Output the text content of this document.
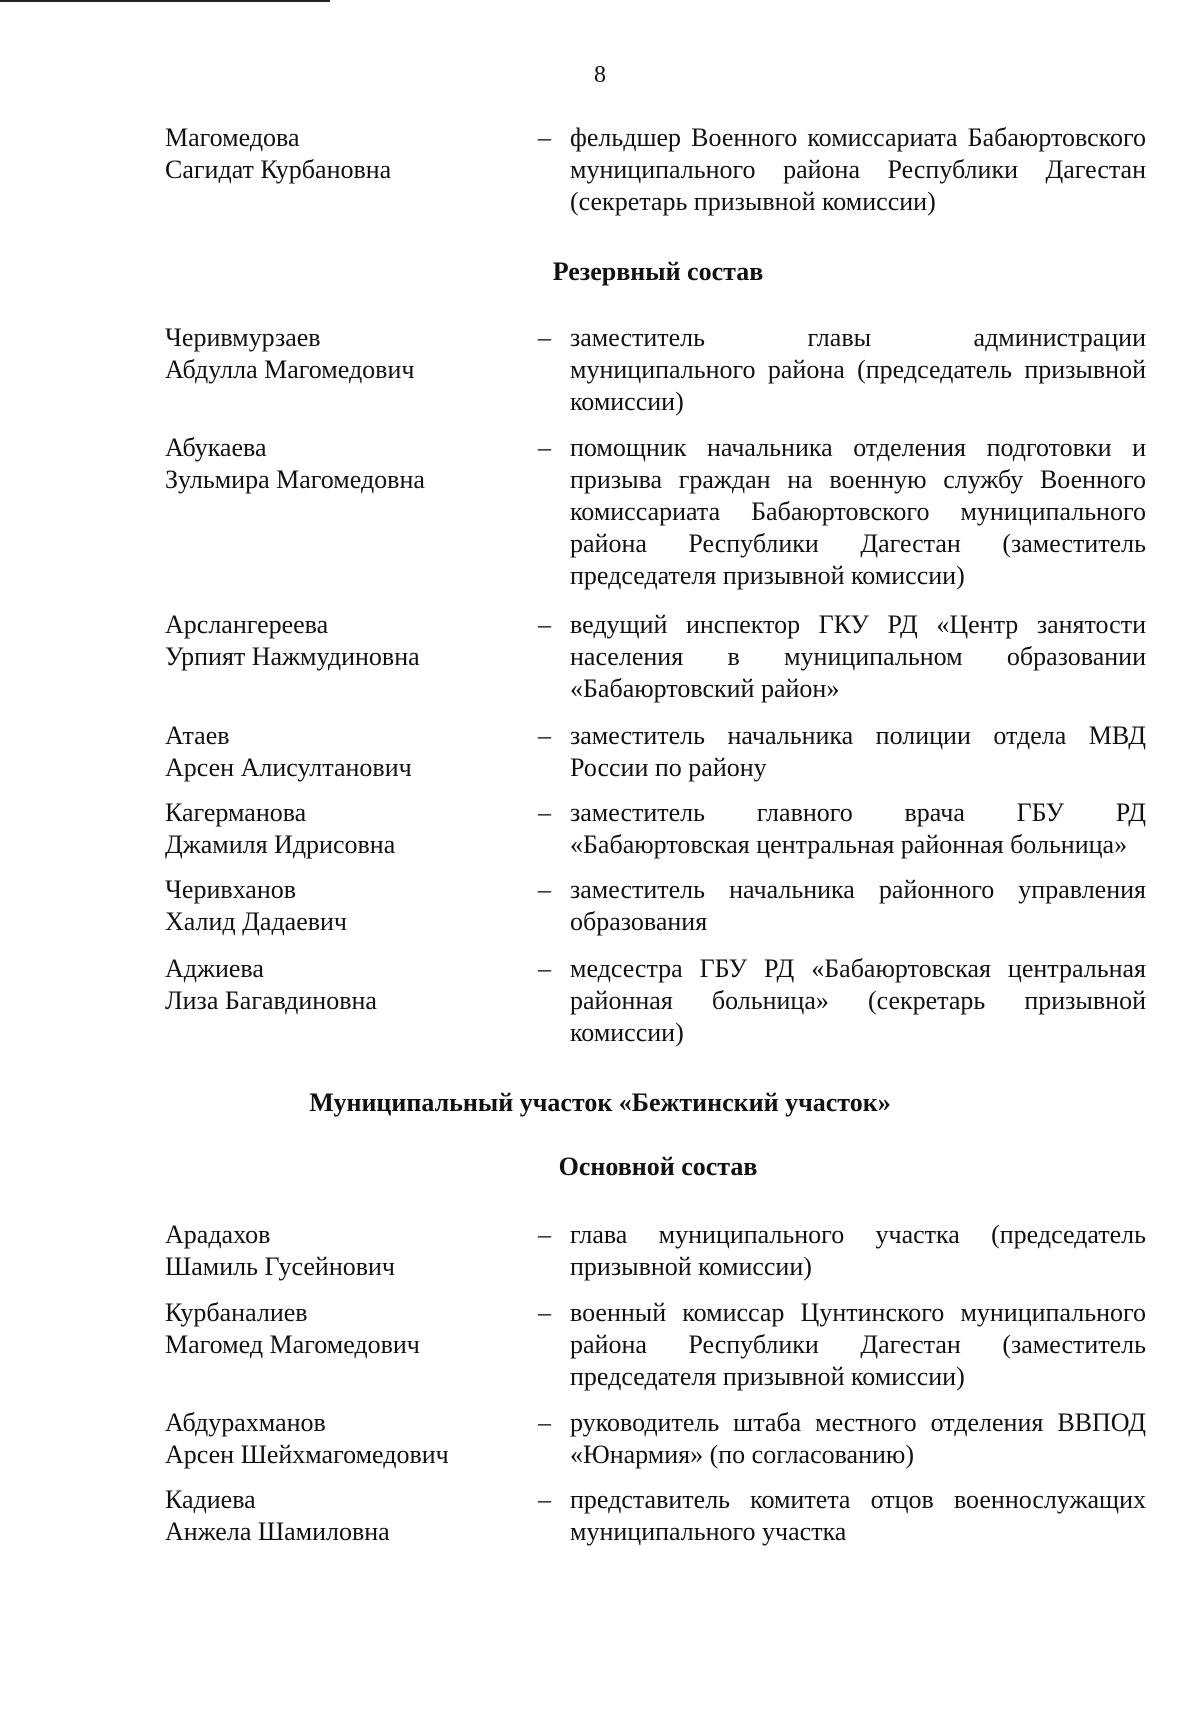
8
Магомедова
Сагидат Курбановна
– фельдшер Военного комиссариата Бабаюртовского муниципального района Республики Дагестан (секретарь призывной комиссии)
Резервный состав
Черивмурзаев
Абдулла Магомедович
– заместитель главы администрации муниципального района (председатель призывной комиссии)
Абукаева
Зульмира Магомедовна
– помощник начальника отделения подготовки и призыва граждан на военную службу Военного комиссариата Бабаюртовского муниципального района Республики Дагестан (заместитель председателя призывной комиссии)
Арслангереева
Урпият Нажмудиновна
– ведущий инспектор ГКУ РД «Центр занятости населения в муниципальном образовании «Бабаюртовский район»
Атаев
Арсен Алисултанович
– заместитель начальника полиции отдела МВД России по району
Кагерманова
Джамиля Идрисовна
– заместитель главного врача ГБУ РД «Бабаюртовская центральная районная больница»
Черивханов
Халид Дадаевич
– заместитель начальника районного управления образования
Аджиева
Лиза Багавдиновна
– медсестра ГБУ РД «Бабаюртовская центральная районная больница» (секретарь призывной комиссии)
Муниципальный участок «Бежтинский участок»
Основной состав
Арадахов
Шамиль Гусейнович
– глава муниципального участка (председатель призывной комиссии)
Курбаналиев
Магомед Магомедович
– военный комиссар Цунтинского муниципального района Республики Дагестан (заместитель председателя призывной комиссии)
Абдурахманов
Арсен Шейхмагомедович
– руководитель штаба местного отделения ВВПОД «Юнармия» (по согласованию)
Кадиева
Анжела Шамиловна
– представитель комитета отцов военнослужащих муниципального участка
